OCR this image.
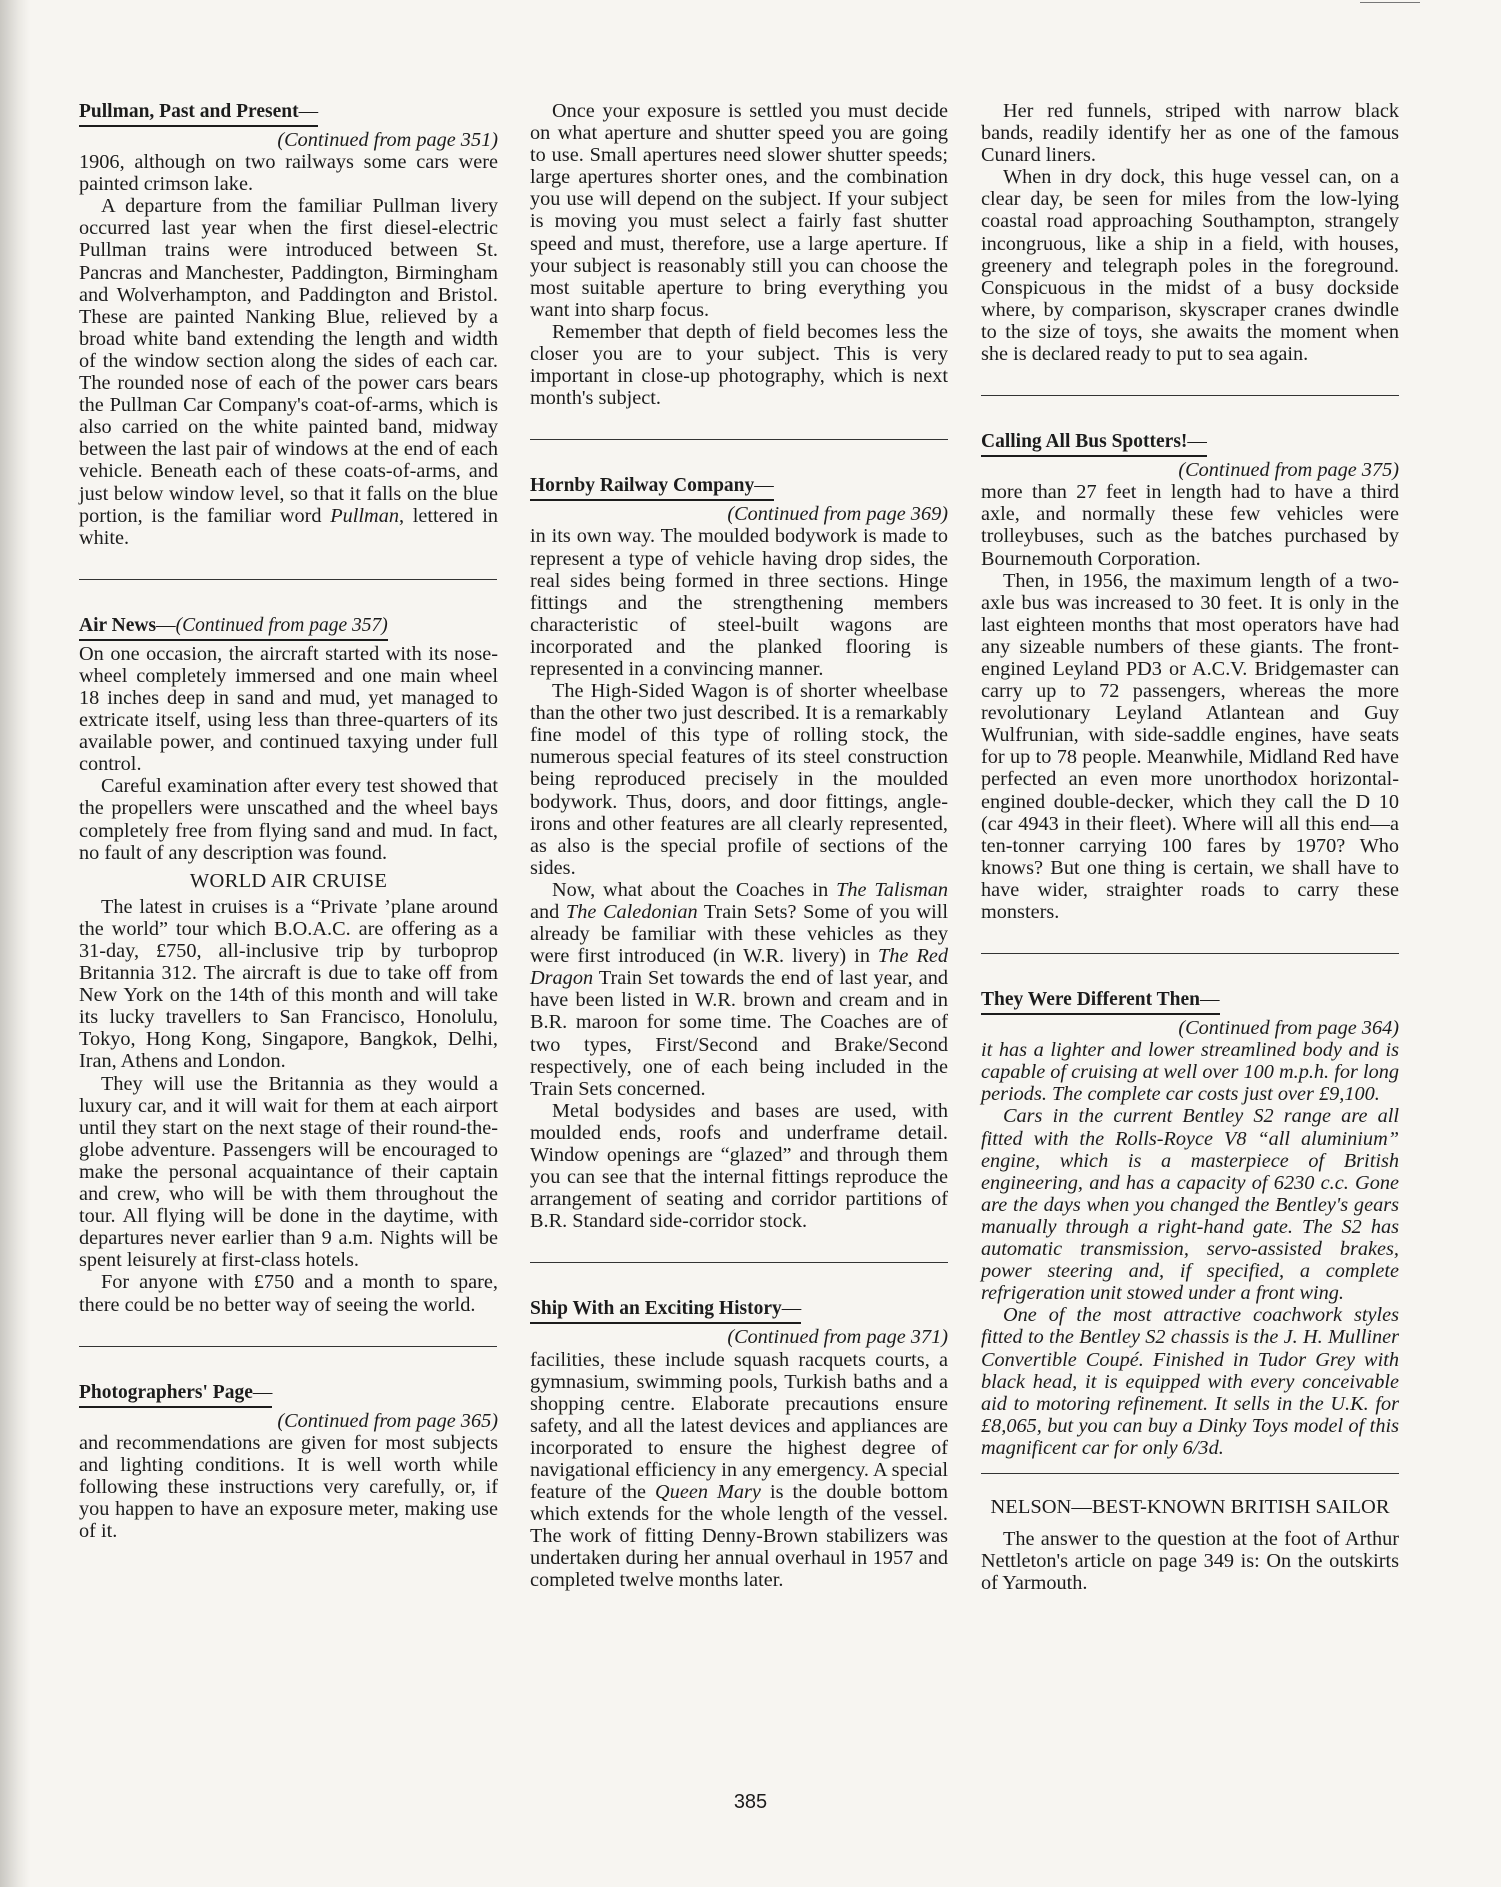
Pullman, Past and Present—

(Continued from page 351)

1906, although on two railways some cars were painted crimson lake.

A departure from the familiar Pullman livery occurred last year when the first diesel-electric Pullman trains were introduced between St. Pancras and Manchester, Paddington, Birmingham and Wolverhampton, and Paddington and Bristol. These are painted Nanking Blue, relieved by a broad white band extending the length and width of the window section along the sides of each car. The rounded nose of each of the power cars bears the Pullman Car Company's coat-of-arms, which is also carried on the white painted band, midway between the last pair of windows at the end of each vehicle. Beneath each of these coats-of-arms, and just below window level, so that it falls on the blue portion, is the familiar word Pullman, lettered in white.

Air News—(Continued from page 357)

On one occasion, the aircraft started with its nose-wheel completely immersed and one main wheel 18 inches deep in sand and mud, yet managed to extricate itself, using less than three-quarters of its available power, and continued taxying under full control.

Careful examination after every test showed that the propellers were unscathed and the wheel bays completely free from flying sand and mud. In fact, no fault of any description was found.

WORLD AIR CRUISE

The latest in cruises is a “Private ’plane around the world” tour which B.O.A.C. are offering as a 31-day, £750, all-inclusive trip by turboprop Britannia 312. The aircraft is due to take off from New York on the 14th of this month and will take its lucky travellers to San Francisco, Honolulu, Tokyo, Hong Kong, Singapore, Bangkok, Delhi, Iran, Athens and London.

They will use the Britannia as they would a luxury car, and it will wait for them at each airport until they start on the next stage of their round-the-globe adventure. Passengers will be encouraged to make the personal acquaintance of their captain and crew, who will be with them throughout the tour. All flying will be done in the daytime, with departures never earlier than 9 a.m. Nights will be spent leisurely at first-class hotels.

For anyone with £750 and a month to spare, there could be no better way of seeing the world.

Photographers' Page—

(Continued from page 365)

and recommendations are given for most subjects and lighting conditions. It is well worth while following these instructions very carefully, or, if you happen to have an exposure meter, making use of it.

Once your exposure is settled you must decide on what aperture and shutter speed you are going to use. Small apertures need slower shutter speeds; large apertures shorter ones, and the combination you use will depend on the subject. If your subject is moving you must select a fairly fast shutter speed and must, therefore, use a large aperture. If your subject is reasonably still you can choose the most suitable aperture to bring everything you want into sharp focus.

Remember that depth of field becomes less the closer you are to your subject. This is very important in close-up photography, which is next month's subject.

Hornby Railway Company—

(Continued from page 369)

in its own way. The moulded bodywork is made to represent a type of vehicle having drop sides, the real sides being formed in three sections. Hinge fittings and the strengthening members characteristic of steel-built wagons are incorporated and the planked flooring is represented in a convincing manner.

The High-Sided Wagon is of shorter wheelbase than the other two just described. It is a remarkably fine model of this type of rolling stock, the numerous special features of its steel construction being reproduced precisely in the moulded bodywork. Thus, doors, and door fittings, angle-irons and other features are all clearly represented, as also is the special profile of sections of the sides.

Now, what about the Coaches in The Talisman and The Caledonian Train Sets? Some of you will already be familiar with these vehicles as they were first introduced (in W.R. livery) in The Red Dragon Train Set towards the end of last year, and have been listed in W.R. brown and cream and in B.R. maroon for some time. The Coaches are of two types, First/Second and Brake/Second respectively, one of each being included in the Train Sets concerned.

Metal bodysides and bases are used, with moulded ends, roofs and underframe detail. Window openings are “glazed” and through them you can see that the internal fittings reproduce the arrangement of seating and corridor partitions of B.R. Standard side-corridor stock.

Ship With an Exciting History—

(Continued from page 371)

facilities, these include squash racquets courts, a gymnasium, swimming pools, Turkish baths and a shopping centre. Elaborate precautions ensure safety, and all the latest devices and appliances are incorporated to ensure the highest degree of navigational efficiency in any emergency. A special feature of the Queen Mary is the double bottom which extends for the whole length of the vessel. The work of fitting Denny-Brown stabilizers was undertaken during her annual overhaul in 1957 and completed twelve months later.

Her red funnels, striped with narrow black bands, readily identify her as one of the famous Cunard liners.

When in dry dock, this huge vessel can, on a clear day, be seen for miles from the low-lying coastal road approaching Southampton, strangely incongruous, like a ship in a field, with houses, greenery and telegraph poles in the foreground. Conspicuous in the midst of a busy dockside where, by comparison, skyscraper cranes dwindle to the size of toys, she awaits the moment when she is declared ready to put to sea again.

Calling All Bus Spotters!—

(Continued from page 375)

more than 27 feet in length had to have a third axle, and normally these few vehicles were trolleybuses, such as the batches purchased by Bournemouth Corporation.

Then, in 1956, the maximum length of a two-axle bus was increased to 30 feet. It is only in the last eighteen months that most operators have had any sizeable numbers of these giants. The front-engined Leyland PD3 or A.C.V. Bridgemaster can carry up to 72 passengers, whereas the more revolutionary Leyland Atlantean and Guy Wulfrunian, with side-saddle engines, have seats for up to 78 people. Meanwhile, Midland Red have perfected an even more unorthodox horizontal-engined double-decker, which they call the D 10 (car 4943 in their fleet). Where will all this end—a ten-tonner carrying 100 fares by 1970? Who knows? But one thing is certain, we shall have to have wider, straighter roads to carry these monsters.

They Were Different Then—

(Continued from page 364)

it has a lighter and lower streamlined body and is capable of cruising at well over 100 m.p.h. for long periods. The complete car costs just over £9,100.

Cars in the current Bentley S2 range are all fitted with the Rolls-Royce V8 “all aluminium” engine, which is a masterpiece of British engineering, and has a capacity of 6230 c.c. Gone are the days when you changed the Bentley's gears manually through a right-hand gate. The S2 has automatic transmission, servo-assisted brakes, power steering and, if specified, a complete refrigeration unit stowed under a front wing.

One of the most attractive coachwork styles fitted to the Bentley S2 chassis is the J. H. Mulliner Convertible Coupé. Finished in Tudor Grey with black head, it is equipped with every conceivable aid to motoring refinement. It sells in the U.K. for £8,065, but you can buy a Dinky Toys model of this magnificent car for only 6/3d.

NELSON—BEST-KNOWN BRITISH SAILOR

The answer to the question at the foot of Arthur Nettleton's article on page 349 is: On the outskirts of Yarmouth.

385
